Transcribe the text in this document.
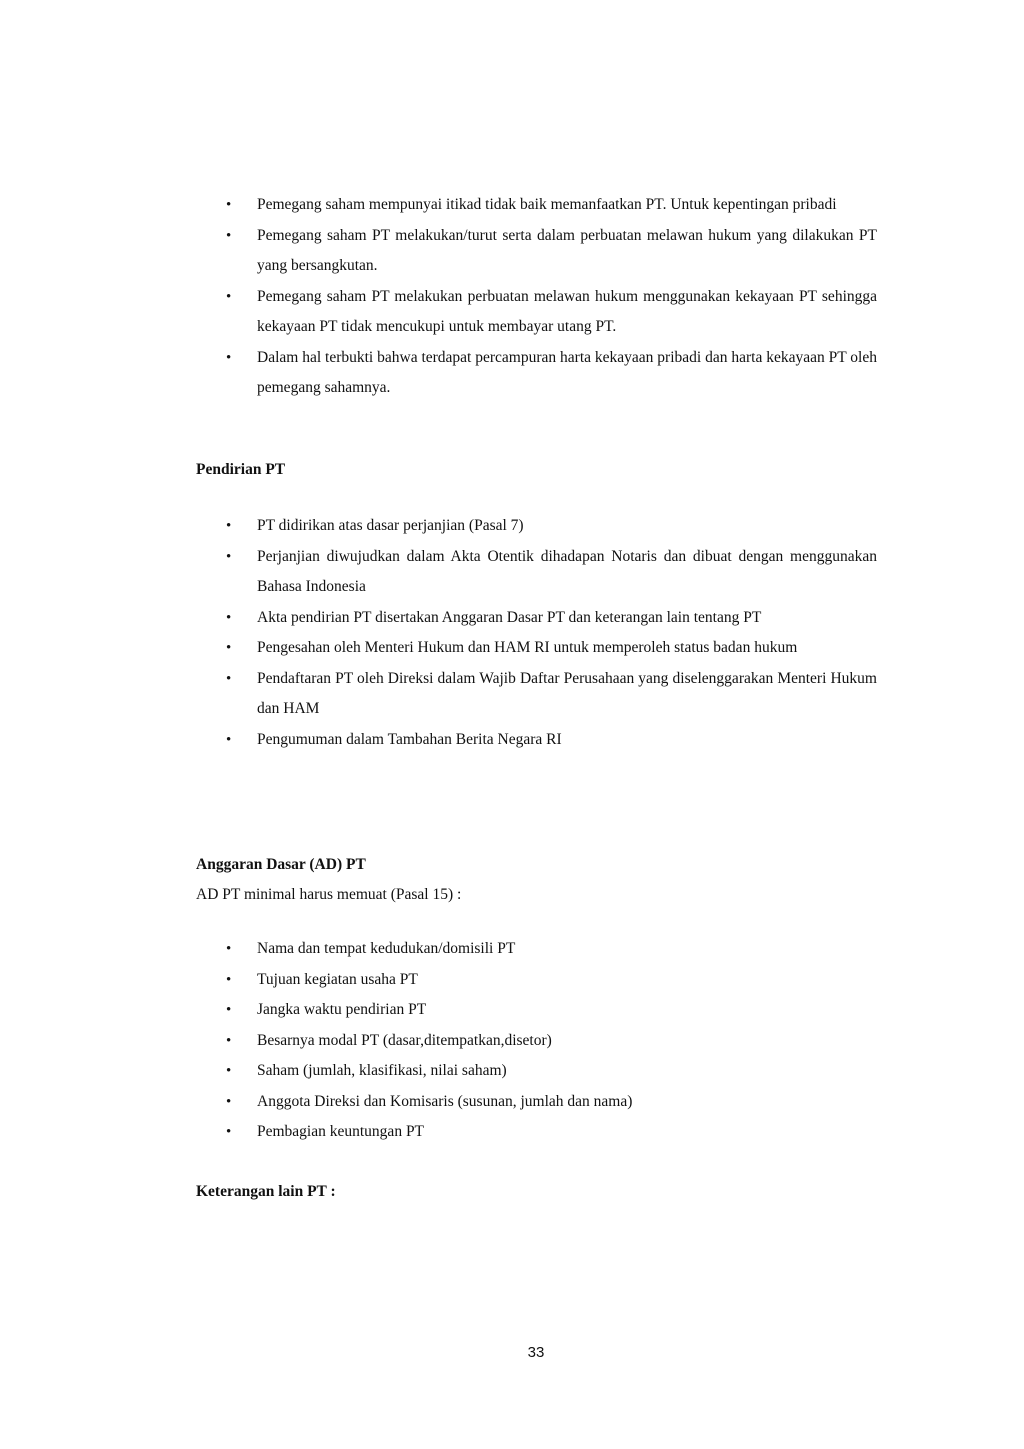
• Pemegang saham mempunyai itikad tidak baik memanfaatkan PT. Untuk kepentingan pribadi
• Pemegang saham PT melakukan/turut serta dalam perbuatan melawan hukum yang dilakukan PT yang bersangkutan.
• Pemegang saham PT melakukan perbuatan melawan hukum menggunakan kekayaan PT sehingga kekayaan PT tidak mencukupi untuk membayar utang PT.
• Dalam hal terbukti bahwa terdapat percampuran harta kekayaan pribadi dan harta kekayaan PT oleh pemegang sahamnya.
Pendirian PT
• PT didirikan atas dasar perjanjian (Pasal 7)
• Perjanjian diwujudkan dalam Akta Otentik dihadapan Notaris dan dibuat dengan menggunakan Bahasa Indonesia
• Akta pendirian PT disertakan Anggaran Dasar PT dan keterangan lain tentang PT
• Pengesahan oleh Menteri Hukum dan HAM RI untuk memperoleh status badan hukum
• Pendaftaran PT oleh Direksi dalam Wajib Daftar Perusahaan yang diselenggarakan Menteri Hukum dan HAM
• Pengumuman dalam Tambahan Berita Negara RI
Anggaran Dasar (AD) PT
AD PT minimal harus memuat (Pasal 15) :
• Nama dan tempat kedudukan/domisili PT
• Tujuan kegiatan usaha PT
• Jangka waktu pendirian PT
• Besarnya modal PT (dasar,ditempatkan,disetor)
• Saham (jumlah, klasifikasi, nilai saham)
• Anggota Direksi dan Komisaris (susunan, jumlah dan nama)
• Pembagian keuntungan PT
Keterangan lain PT :
33
